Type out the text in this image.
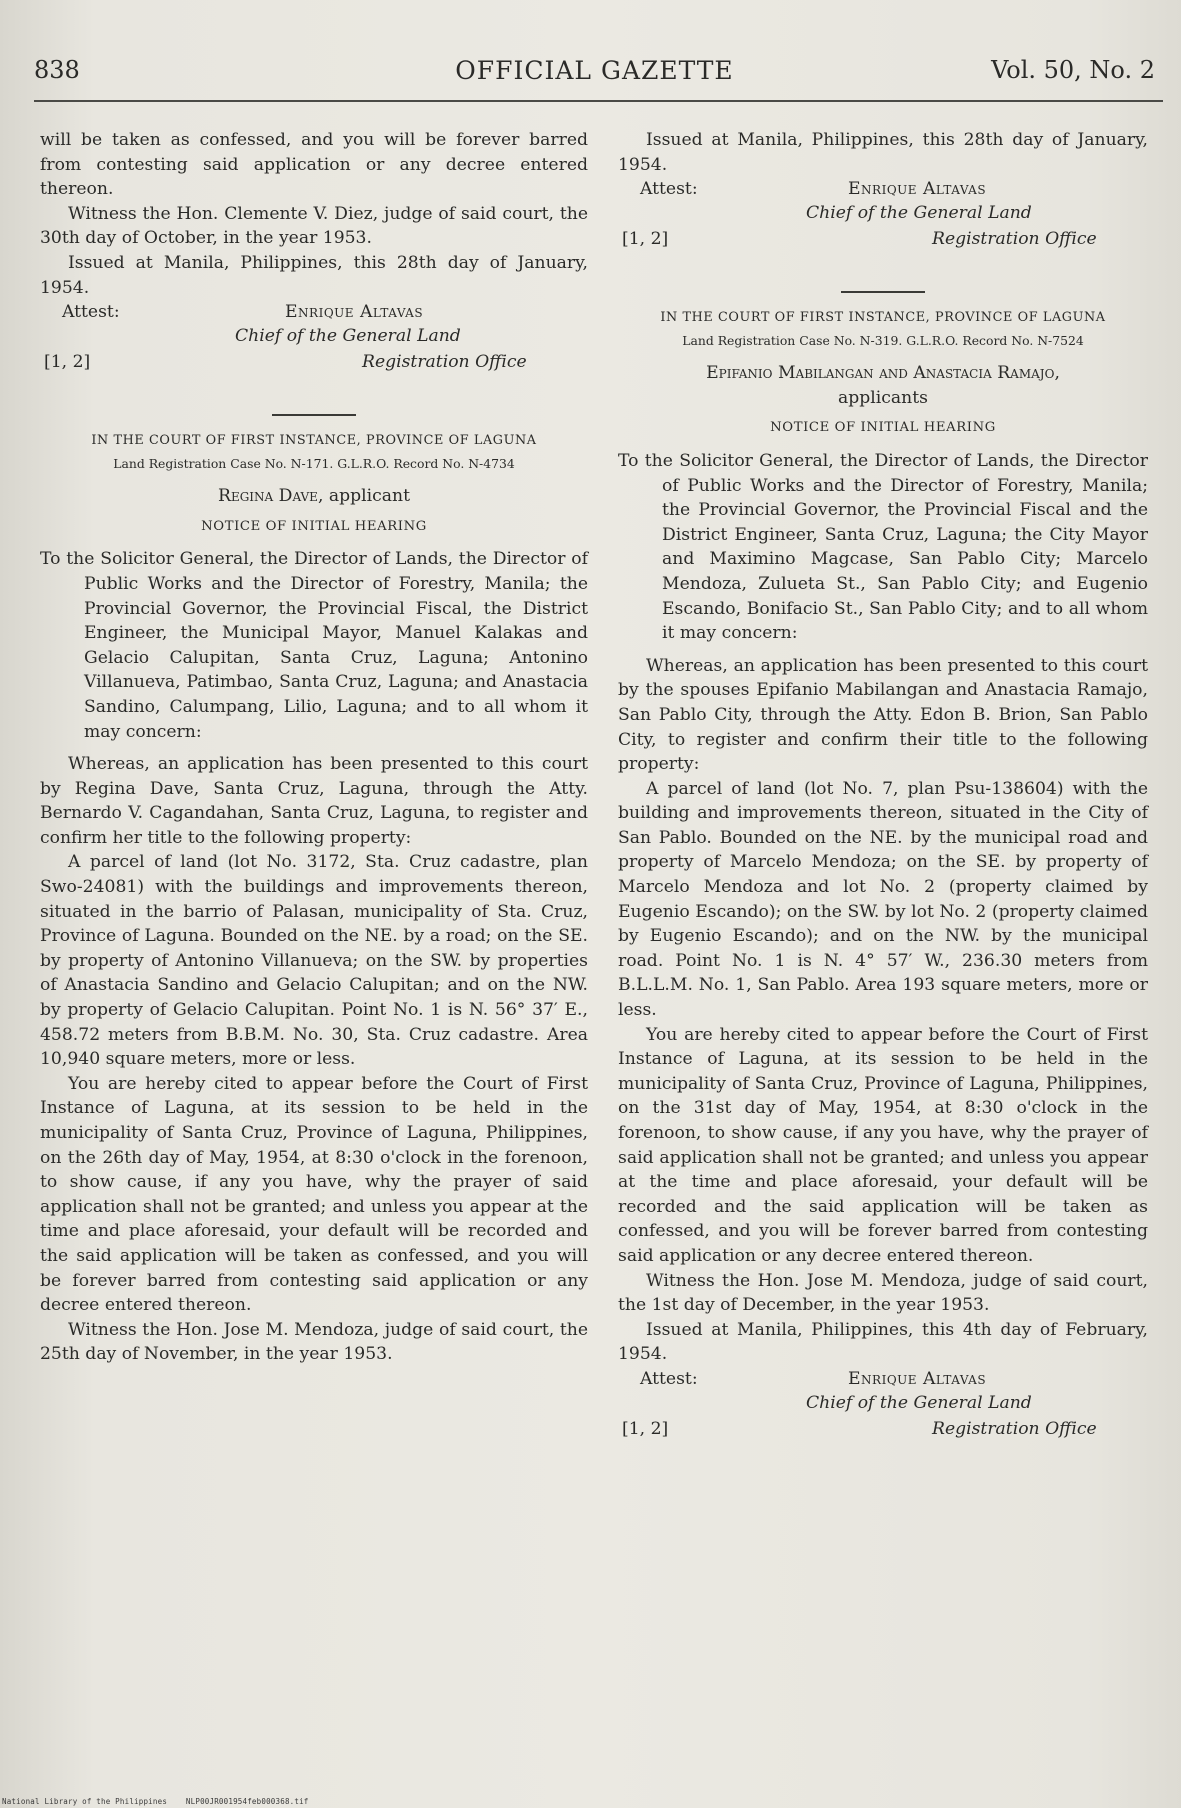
838	OFFICIAL GAZETTE	Vol. 50, No. 2

will be taken as confessed, and you will be forever barred from contesting said application or any decree entered thereon.

Witness the Hon. Clemente V. Diez, judge of said court, the 30th day of October, in the year 1953.

Issued at Manila, Philippines, this 28th day of January, 1954.

Attest:	Enrique Altavas
Chief of the General Land
[1, 2]	Registration Office
IN THE COURT OF FIRST INSTANCE, PROVINCE OF LAGUNA
Land Registration Case No. N-171. G.L.R.O. Record No. N-4734
Regina Dave, applicant
NOTICE OF INITIAL HEARING

To the Solicitor General, the Director of Lands, the Director of Public Works and the Director of Forestry, Manila; the Provincial Governor, the Provincial Fiscal, the District Engineer, the Municipal Mayor, Manuel Kalakas and Gelacio Calupitan, Santa Cruz, Laguna; Antonino Villanueva, Patimbao, Santa Cruz, Laguna; and Anastacia Sandino, Calumpang, Lilio, Laguna; and to all whom it may concern:

Whereas, an application has been presented to this court by Regina Dave, Santa Cruz, Laguna, through the Atty. Bernardo V. Cagandahan, Santa Cruz, Laguna, to register and confirm her title to the following property:

A parcel of land (lot No. 3172, Sta. Cruz cadastre, plan Swo-24081) with the buildings and improvements thereon, situated in the barrio of Palasan, municipality of Sta. Cruz, Province of Laguna. Bounded on the NE. by a road; on the SE. by property of Antonino Villanueva; on the SW. by properties of Anastacia Sandino and Gelacio Calupitan; and on the NW. by property of Gelacio Calupitan. Point No. 1 is N. 56° 37′ E., 458.72 meters from B.B.M. No. 30, Sta. Cruz cadastre. Area 10,940 square meters, more or less.

You are hereby cited to appear before the Court of First Instance of Laguna, at its session to be held in the municipality of Santa Cruz, Province of Laguna, Philippines, on the 26th day of May, 1954, at 8:30 o'clock in the forenoon, to show cause, if any you have, why the prayer of said application shall not be granted; and unless you appear at the time and place aforesaid, your default will be recorded and the said application will be taken as confessed, and you will be forever barred from contesting said application or any decree entered thereon.

Witness the Hon. Jose M. Mendoza, judge of said court, the 25th day of November, in the year 1953.

Issued at Manila, Philippines, this 28th day of January, 1954.

Attest:	Enrique Altavas
Chief of the General Land
[1, 2]	Registration Office
IN THE COURT OF FIRST INSTANCE, PROVINCE OF LAGUNA
Land Registration Case No. N-319. G.L.R.O. Record No. N-7524
Epifanio Mabilangan and Anastacia Ramajo,
applicants
NOTICE OF INITIAL HEARING

To the Solicitor General, the Director of Lands, the Director of Public Works and the Director of Forestry, Manila; the Provincial Governor, the Provincial Fiscal and the District Engineer, Santa Cruz, Laguna; the City Mayor and Maximino Magcase, San Pablo City; Marcelo Mendoza, Zulueta St., San Pablo City; and Eugenio Escando, Bonifacio St., San Pablo City; and to all whom it may concern:

Whereas, an application has been presented to this court by the spouses Epifanio Mabilangan and Anastacia Ramajo, San Pablo City, through the Atty. Edon B. Brion, San Pablo City, to register and confirm their title to the following property:

A parcel of land (lot No. 7, plan Psu-138604) with the building and improvements thereon, situated in the City of San Pablo. Bounded on the NE. by the municipal road and property of Marcelo Mendoza; on the SE. by property of Marcelo Mendoza and lot No. 2 (property claimed by Eugenio Escando); on the SW. by lot No. 2 (property claimed by Eugenio Escando); and on the NW. by the municipal road. Point No. 1 is N. 4° 57′ W., 236.30 meters from B.L.L.M. No. 1, San Pablo. Area 193 square meters, more or less.

You are hereby cited to appear before the Court of First Instance of Laguna, at its session to be held in the municipality of Santa Cruz, Province of Laguna, Philippines, on the 31st day of May, 1954, at 8:30 o'clock in the forenoon, to show cause, if any you have, why the prayer of said application shall not be granted; and unless you appear at the time and place aforesaid, your default will be recorded and the said application will be taken as confessed, and you will be forever barred from contesting said application or any decree entered thereon.

Witness the Hon. Jose M. Mendoza, judge of said court, the 1st day of December, in the year 1953.

Issued at Manila, Philippines, this 4th day of February, 1954.

Attest:	Enrique Altavas
Chief of the General Land
[1, 2]	Registration Office
National Library of the Philippines	NLP00JR001954feb000368.tif
